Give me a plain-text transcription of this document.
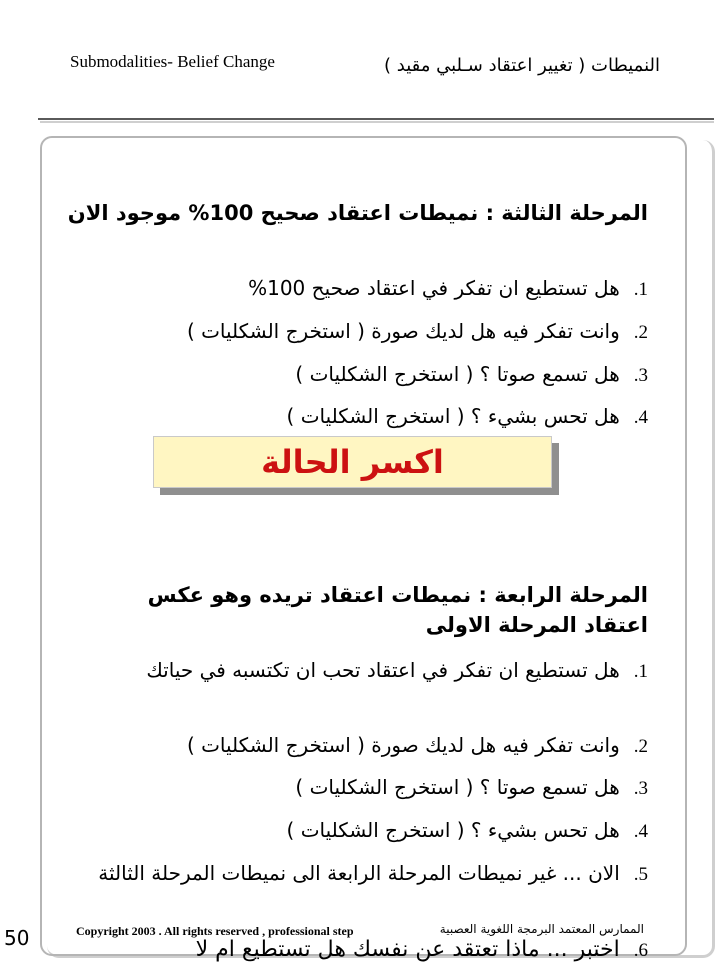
Submodalities- Belief Change	النميطات ( تغيير اعتقاد سـلبي مقيد )
المرحلة الثالثة : نميطات اعتقاد صحيح 100% موجود الان
1.هل تستطيع ان تفكر في اعتقاد صحيح 100%
2.وانت تفكر فيه هل لديك صورة ( استخرج الشكليات )
3.هل تسمع صوتا ؟ ( استخرج الشكليات )
4.هل تحس بشيء ؟ ( استخرج الشكليات )
اكسر الحالة
المرحلة الرابعة : نميطات اعتقاد تريده وهو عكس اعتقاد المرحلة الاولى
1.هل تستطيع ان تفكر في اعتقاد تحب ان تكتسبه في حياتك
2.وانت تفكر فيه هل لديك صورة ( استخرج الشكليات )
3.هل تسمع صوتا ؟ ( استخرج الشكليات )
4.هل تحس بشيء ؟ ( استخرج الشكليات )
5.الان ... غير نميطات المرحلة الرابعة الى نميطات المرحلة الثالثة
6.اختبر ... ماذا تعتقد عن نفسك هل تستطيع ام لا
50	Copyright 2003 . All rights reserved , professional step	الممارس المعتمد البرمجة اللغوية العصبية
